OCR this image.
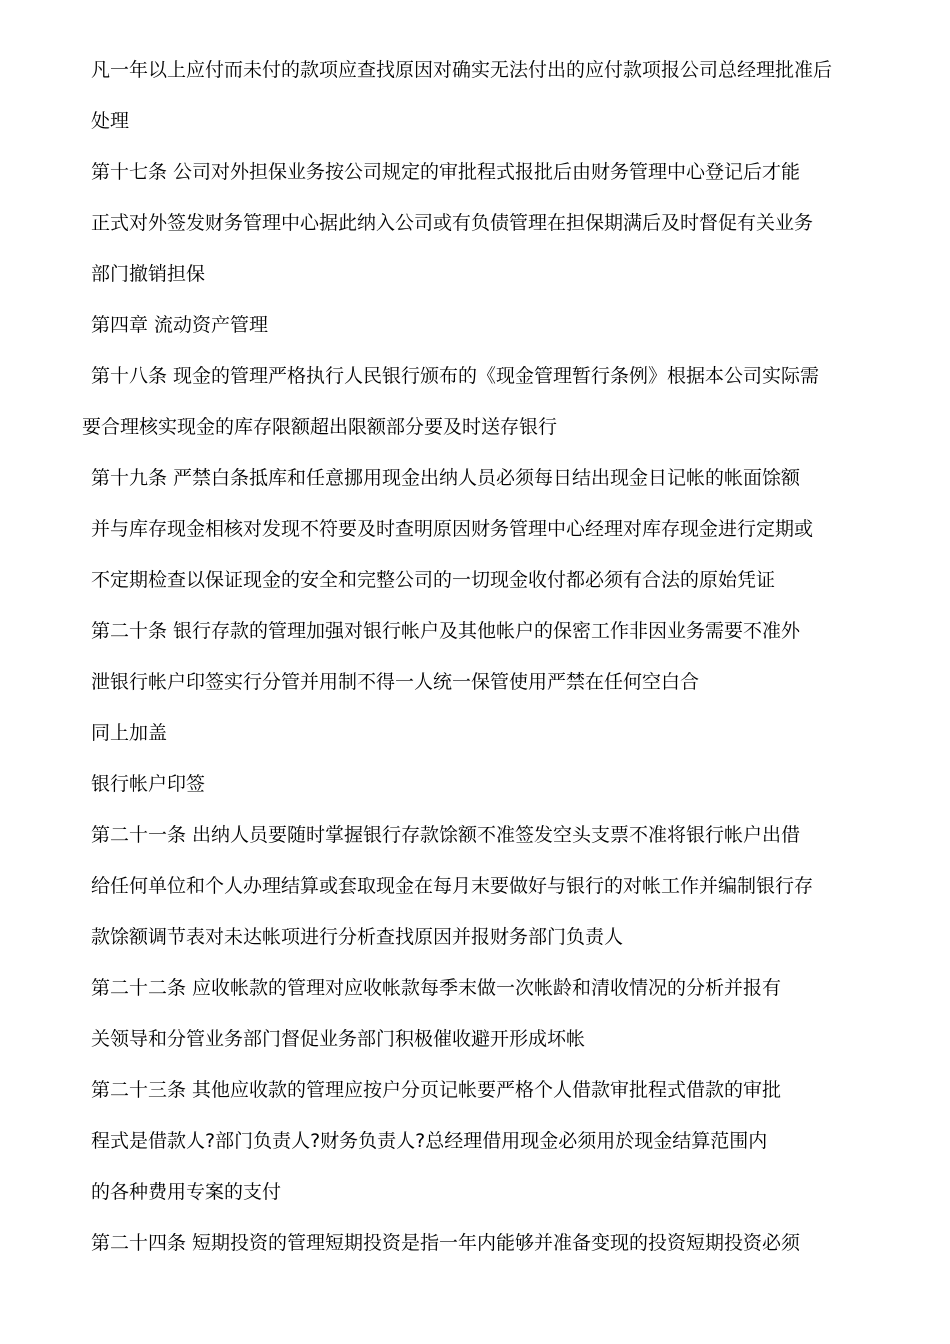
凡一年以上应付而未付的款项应查找原因对确实无法付出的应付款项报公司总经理批准后
处理
第十七条 公司对外担保业务按公司规定的审批程式报批后由财务管理中心登记后才能
正式对外签发财务管理中心据此纳入公司或有负债管理在担保期满后及时督促有关业务
部门撤销担保
第四章 流动资产管理
第十八条 现金的管理严格执行人民银行颁布的《现金管理暂行条例》根据本公司实际需
要合理核实现金的库存限额超出限额部分要及时送存银行
第十九条 严禁白条抵库和任意挪用现金出纳人员必须每日结出现金日记帐的帐面馀额
并与库存现金相核对发现不符要及时查明原因财务管理中心经理对库存现金进行定期或
不定期检查以保证现金的安全和完整公司的一切现金收付都必须有合法的原始凭证
第二十条 银行存款的管理加强对银行帐户及其他帐户的保密工作非因业务需要不准外
泄银行帐户印签实行分管并用制不得一人统一保管使用严禁在任何空白合
同上加盖
银行帐户印签
第二十一条 出纳人员要随时掌握银行存款馀额不准签发空头支票不准将银行帐户出借
给任何单位和个人办理结算或套取现金在每月末要做好与银行的对帐工作并编制银行存
款馀额调节表对未达帐项进行分析查找原因并报财务部门负责人
第二十二条 应收帐款的管理对应收帐款每季末做一次帐龄和清收情况的分析并报有
关领导和分管业务部门督促业务部门积极催收避开形成坏帐
第二十三条 其他应收款的管理应按户分页记帐要严格个人借款审批程式借款的审批
程式是借款人?部门负责人?财务负责人?总经理借用现金必须用於现金结算范围内
的各种费用专案的支付
第二十四条 短期投资的管理短期投资是指一年内能够并准备变现的投资短期投资必须
